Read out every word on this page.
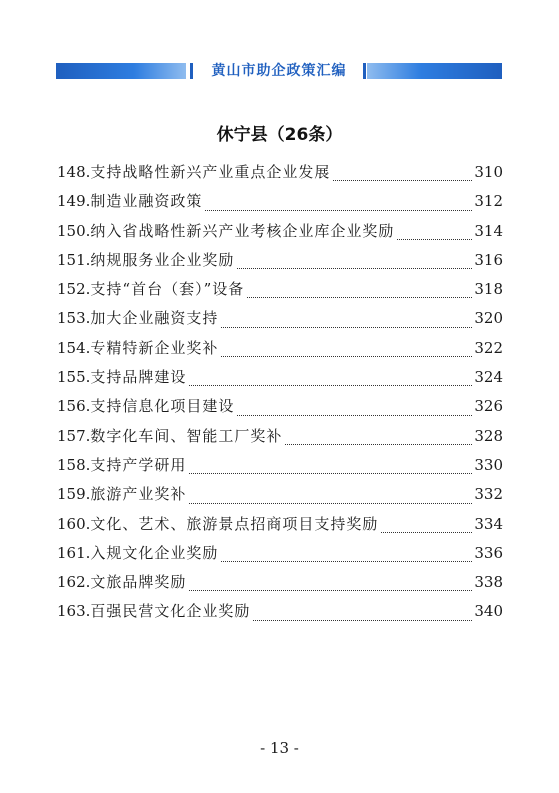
黄山市助企政策汇编
休宁县（26条）
148. 支持战略性新兴产业重点企业发展	310
149. 制造业融资政策	312
150. 纳入省战略性新兴产业考核企业库企业奖励	314
151. 纳规服务业企业奖励	316
152. 支持“首台（套）”设备	318
153. 加大企业融资支持	320
154. 专精特新企业奖补	322
155. 支持品牌建设	324
156. 支持信息化项目建设	326
157. 数字化车间、智能工厂奖补	328
158. 支持产学研用	330
159. 旅游产业奖补	332
160. 文化、艺术、旅游景点招商项目支持奖励	334
161. 入规文化企业奖励	336
162. 文旅品牌奖励	338
163. 百强民营文化企业奖励	340
- 13 -
